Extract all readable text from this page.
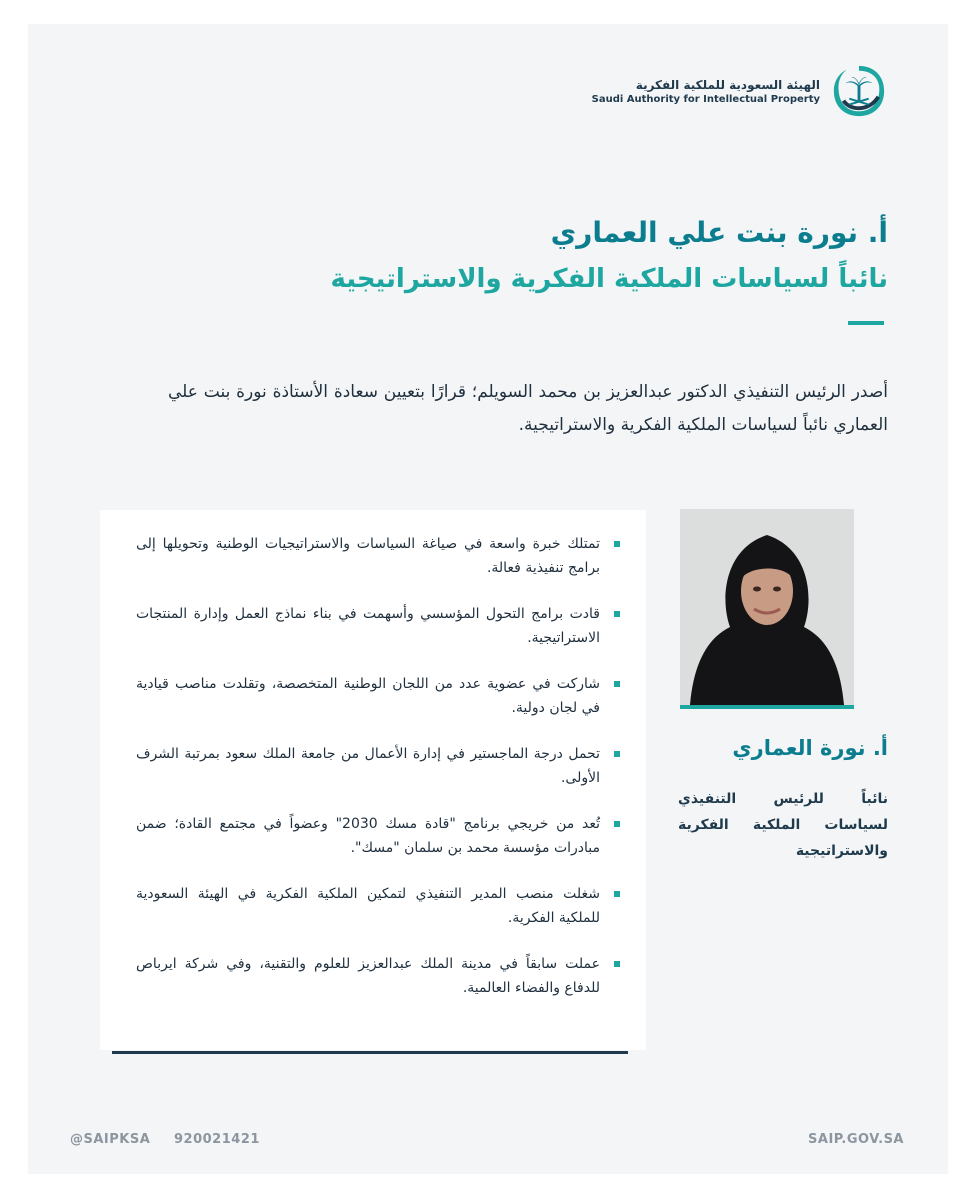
الهيئة السعودية للملكية الفكرية
Saudi Authority for Intellectual Property
أ. نورة بنت علي العماري
نائباً لسياسات الملكية الفكرية والاستراتيجية
أصدر الرئيس التنفيذي الدكتور عبدالعزيز بن محمد السويلم؛ قرارًا بتعيين سعادة الأستاذة نورة بنت علي العماري نائباً لسياسات الملكية الفكرية والاستراتيجية.
تمتلك خبرة واسعة في صياغة السياسات والاستراتيجيات الوطنية وتحويلها إلى برامج تنفيذية فعالة.
قادت برامج التحول المؤسسي وأسهمت في بناء نماذج العمل وإدارة المنتجات الاستراتيجية.
شاركت في عضوية عدد من اللجان الوطنية المتخصصة، وتقلدت مناصب قيادية في لجان دولية.
تحمل درجة الماجستير في إدارة الأعمال من جامعة الملك سعود بمرتبة الشرف الأولى.
تُعد من خريجي برنامج "قادة مسك 2030" وعضواً في مجتمع القادة؛ ضمن مبادرات مؤسسة محمد بن سلمان "مسك".
شغلت منصب المدير التنفيذي لتمكين الملكية الفكرية في الهيئة السعودية للملكية الفكرية.
عملت سابقاً في مدينة الملك عبدالعزيز للعلوم والتقنية، وفي شركة ايرباص للدفاع والفضاء العالمية.
أ. نورة العماري
نائباً للرئيس التنفيذي لسياسات الملكية الفكرية والاستراتيجية
@SAIPKSA 920021421	SAIP.GOV.SA
